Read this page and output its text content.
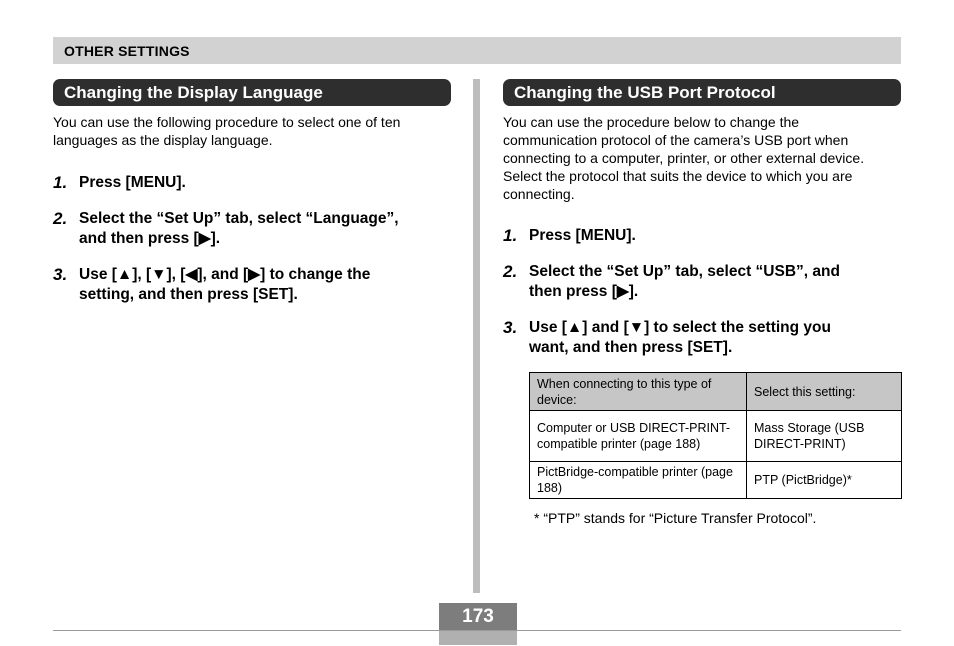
OTHER SETTINGS
Changing the Display Language
You can use the following procedure to select one of ten
languages as the display language.
1. Press [MENU].
2. Select the “Set Up” tab, select “Language”,
and then press [▶].
3. Use [▲], [▼], [◀], and [▶] to change the
setting, and then press [SET].
Changing the USB Port Protocol
You can use the procedure below to change the
communication protocol of the camera’s USB port when
connecting to a computer, printer, or other external device.
Select the protocol that suits the device to which you are
connecting.
1. Press [MENU].
2. Select the “Set Up” tab, select “USB”, and
then press [▶].
3. Use [▲] and [▼] to select the setting you
want, and then press [SET].
When connecting to this type of device:	Select this setting:
Computer or USB DIRECT-PRINT-compatible printer (page 188)	Mass Storage (USB DIRECT-PRINT)
PictBridge-compatible printer (page 188)	PTP (PictBridge)*
* “PTP” stands for “Picture Transfer Protocol”.
173
